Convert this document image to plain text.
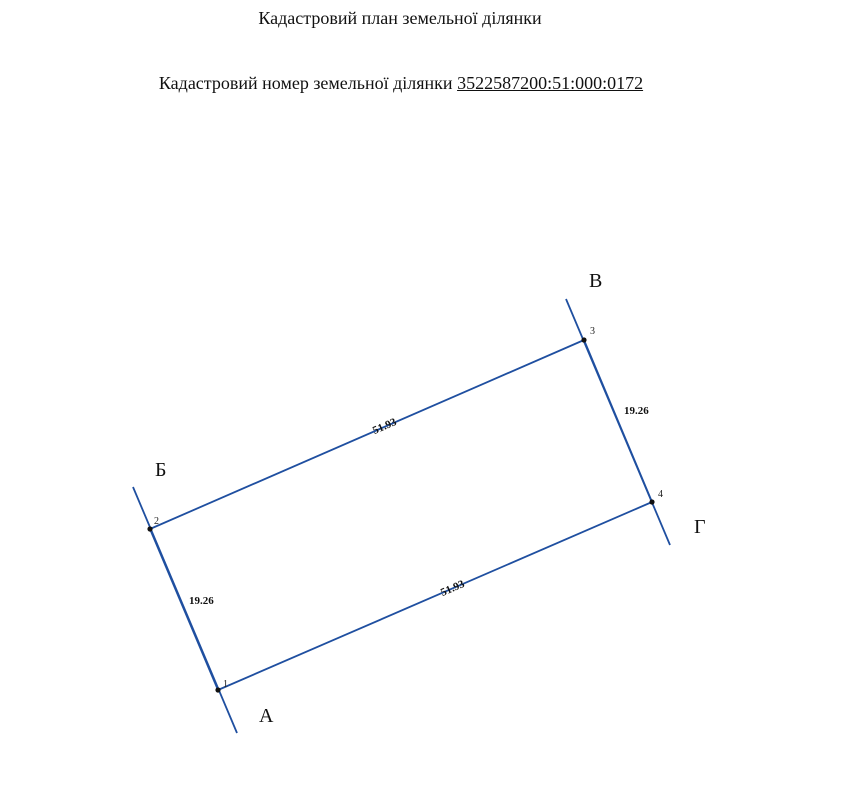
Кадастровий план земельної ділянки
Кадастровий номер земельної ділянки 3522587200:51:000:0172
1
2
3
4
19.26
51.93
19.26
51.93
А
Б
В
Г
